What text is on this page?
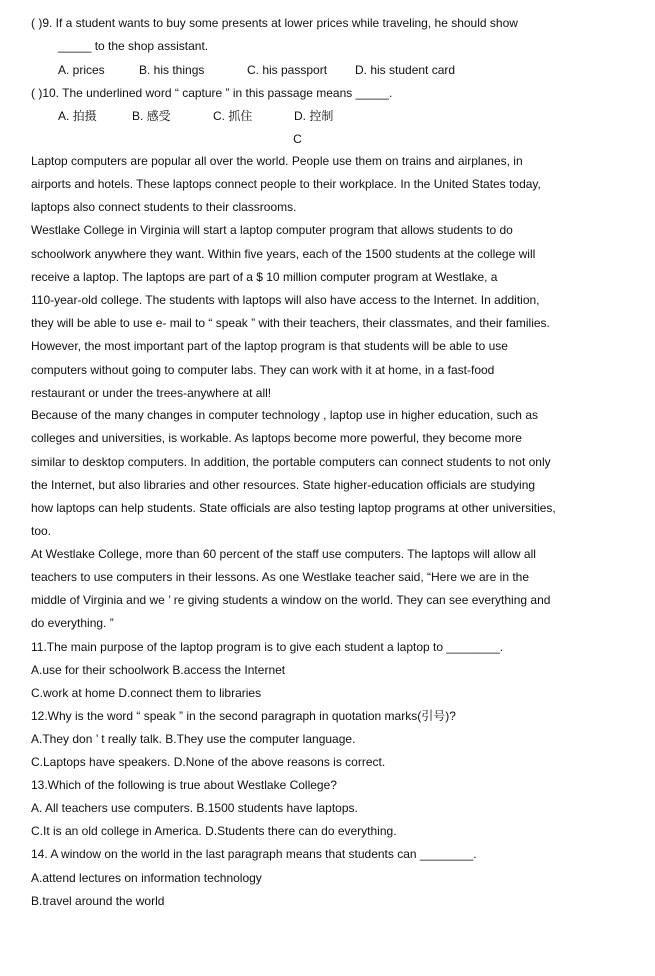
( )9. If a student wants to buy some presents at lower prices while traveling, he should show
_____ to the shop assistant.
A. prices	B. his things	C. his passport D. his student card
( )10. The underlined word “ capture ” in this passage means _____.
A. 拍摄	B. 感受	C. 抓住	D. 控制
C
Laptop computers are popular all over the world. People use them on trains and airplanes, in
airports and hotels. These laptops connect people to their workplace. In the United States today,
laptops also connect students to their classrooms.
Westlake College in Virginia will start a laptop computer program that allows students to do
schoolwork anywhere they want. Within five years, each of the 1500 students at the college will
receive a laptop. The laptops are part of a $ 10 million computer program at Westlake, a
110-year-old college. The students with laptops will also have access to the Internet. In addition,
they will be able to use e- mail to “ speak ” with their teachers, their classmates, and their families.
However, the most important part of the laptop program is that students will be able to use
computers without going to computer labs. They can work with it at home, in a fast-food
restaurant or under the trees-anywhere at all!
Because of the many changes in computer technology , laptop use in higher education, such as
colleges and universities, is workable. As laptops become more powerful, they become more
similar to desktop computers. In addition, the portable computers can connect students to not only
the Internet, but also libraries and other resources. State higher-education officials are studying
how laptops can help students. State officials are also testing laptop programs at other universities,
too.
At Westlake College, more than 60 percent of the staff use computers. The laptops will allow all
teachers to use computers in their lessons. As one Westlake teacher said, “Here we are in the
middle of Virginia and we ’ re giving students a window on the world. They can see everything and
do everything. ”
11.The main purpose of the laptop program is to give each student a laptop to ________.
A.use for their schoolwork B.access the Internet
C.work at home D.connect them to libraries
12.Why is the word “ speak ” in the second paragraph in quotation marks(引号)?
A.They don ’ t really talk. B.They use the computer language.
C.Laptops have speakers. D.None of the above reasons is correct.
13.Which of the following is true about Westlake College?
A. All teachers use computers. B.1500 students have laptops.
C.It is an old college in America. D.Students there can do everything.
14. A window on the world in the last paragraph means that students can ________.
A.attend lectures on information technology
B.travel around the world
